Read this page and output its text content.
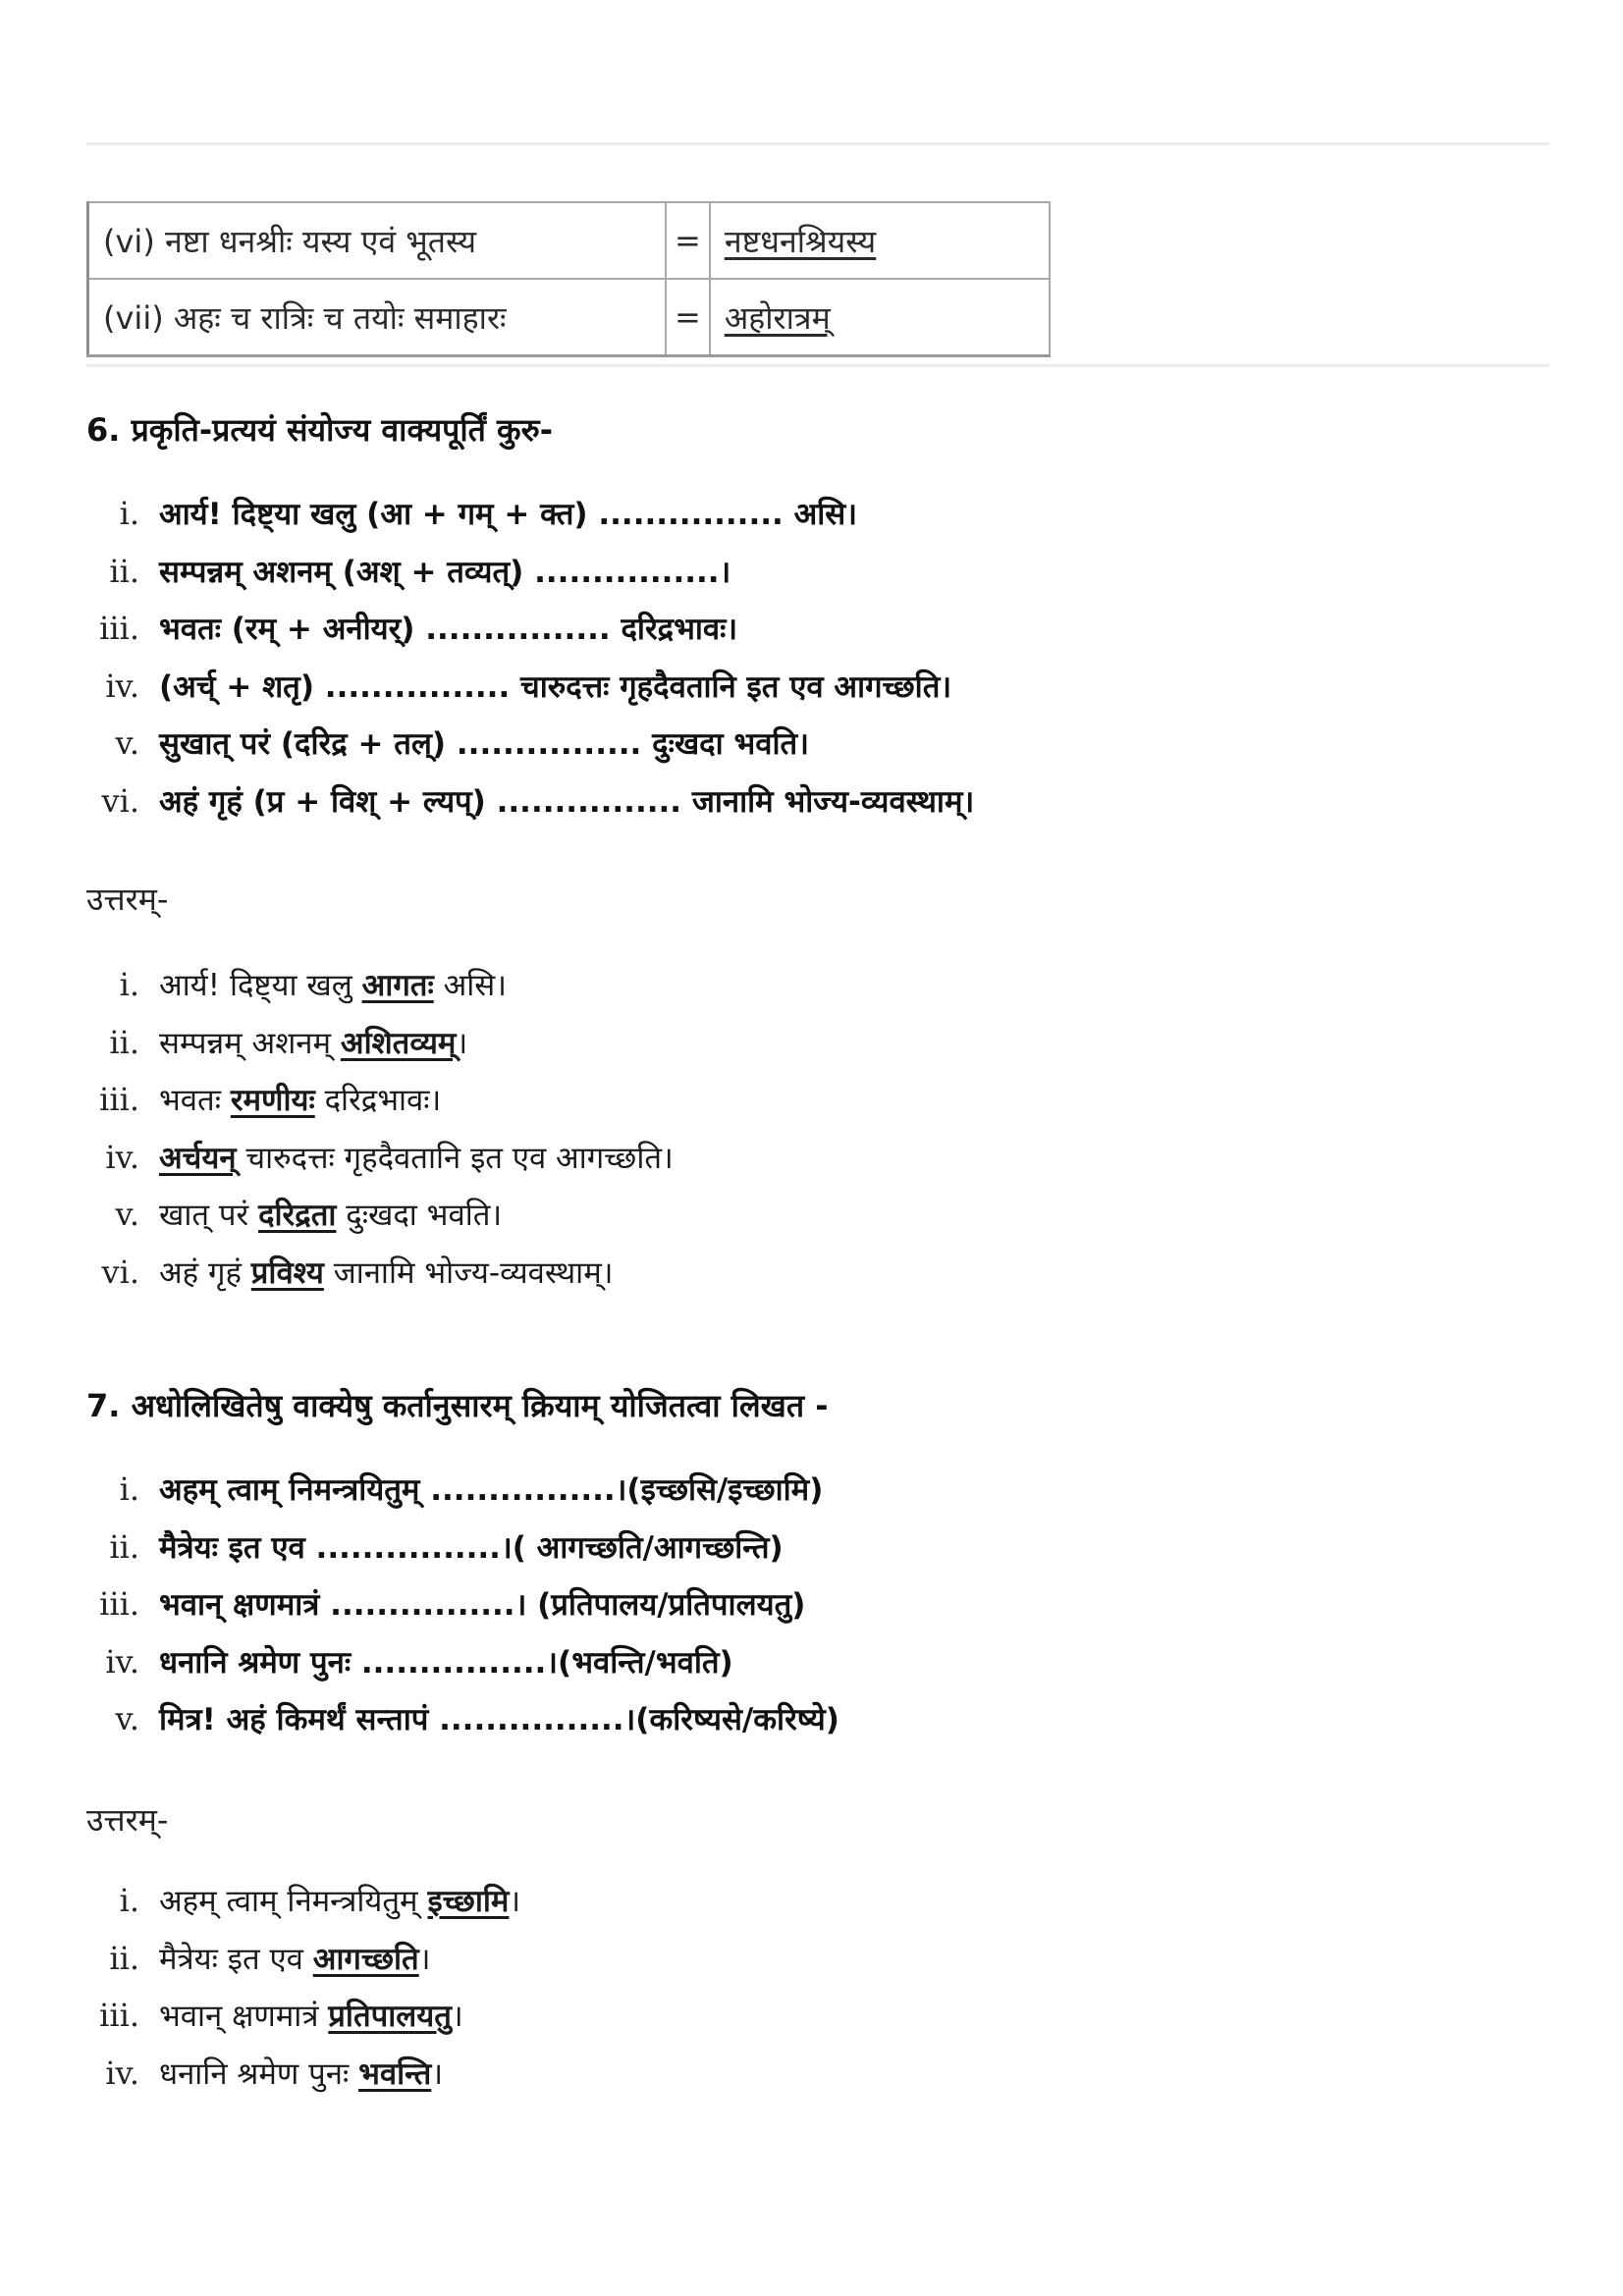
(vi) नष्टा धनश्रीः यस्य एवं भूतस्य	=	नष्टधनश्रियस्य
(vii) अहः च रात्रिः च तयोः समाहारः	=	अहोरात्रम्
6. प्रकृति-प्रत्ययं संयोज्य वाक्यपूर्तिं कुरु-
i. आर्य! दिष्ट्या खलु (आ + गम् + क्त) ................ असि।
ii. सम्पन्नम् अशनम् (अश् + तव्यत्) ................।
iii. भवतः (रम् + अनीयर्) ................ दरिद्रभावः।
iv. (अर्च् + शतृ) ................ चारुदत्तः गृहदैवतानि इत एव आगच्छति।
v. सुखात् परं (दरिद्र + तल्) ................ दुःखदा भवति।
vi. अहं गृहं (प्र + विश् + ल्यप्) ................ जानामि भोज्य-व्यवस्थाम्।
उत्तरम्-
i. आर्य! दिष्ट्या खलु आगतः असि।
ii. सम्पन्नम् अशनम् अशितव्यम्।
iii. भवतः रमणीयः दरिद्रभावः।
iv. अर्चयन् चारुदत्तः गृहदैवतानि इत एव आगच्छति।
v. खात् परं दरिद्रता दुःखदा भवति।
vi. अहं गृहं प्रविश्य जानामि भोज्य-व्यवस्थाम्।
7. अधोलिखितेषु वाक्येषु कर्तानुसारम् क्रियाम् योजितत्वा लिखत -
i. अहम् त्वाम् निमन्त्रयितुम् ................।(इच्छसि/इच्छामि)
ii. मैत्रेयः इत एव ................।( आगच्छति/आगच्छन्ति)
iii. भवान् क्षणमात्रं ................। (प्रतिपालय/प्रतिपालयतु)
iv. धनानि श्रमेण पुनः ................।(भवन्ति/भवति)
v. मित्र! अहं किमर्थं सन्तापं ................।(करिष्यसे/करिष्ये)
उत्तरम्-
i. अहम् त्वाम् निमन्त्रयितुम् इच्छामि।
ii. मैत्रेयः इत एव आगच्छति।
iii. भवान् क्षणमात्रं प्रतिपालयतु।
iv. धनानि श्रमेण पुनः भवन्ति।
